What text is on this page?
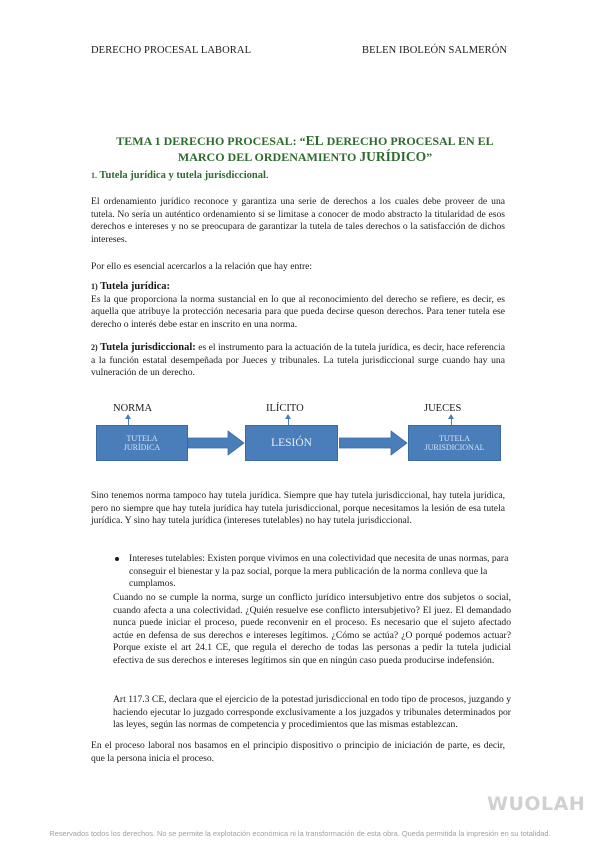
DERECHO PROCESAL LABORAL	BELEN IBOLEÓN SALMERÓN
TEMA 1 DERECHO PROCESAL: “EL DERECHO PROCESAL EN EL MARCO DEL ORDENAMIENTO JURÍDICO”
1. Tutela jurídica y tutela jurisdiccional.
El ordenamiento jurídico reconoce y garantiza una serie de derechos a los cuales debe proveer de una tutela. No sería un auténtico ordenamiento si se limitase a conocer de modo abstracto la titularidad de esos derechos e intereses y no se preocupara de garantizar la tutela de tales derechos o la satisfacción de dichos intereses.
Por ello es esencial acercarlos a la relación que hay entre:
1) Tutela jurídica:
Es la que proporciona la norma sustancial en lo que al reconocimiento del derecho se refiere, es decir, es aquella que atribuye la protección necesaria para que pueda decirse queson derechos. Para tener tutela ese derecho o interés debe estar en inscrito en una norma.
2) Tutela jurisdiccional: es el instrumento para la actuación de la tutela jurídica, es decir, hace referencia a la función estatal desempeñada por Jueces y tribunales. La tutela jurisdiccional surge cuando hay una vulneración de un derecho.
NORMA	ILÍCITO	JUECES
TUTELA
JURÍDICA	LESIÓN	TUTELA
JURISDICIONAL
Sino tenemos norma tampoco hay tutela jurídica. Siempre que hay tutela jurisdiccional, hay tutela jurídica, pero no siempre que hay tutela jurídica hay tutela jurisdiccional, porque necesitamos la lesión de esa tutela jurídica. Y sino hay tutela jurídica (intereses tutelables) no hay tutela jurisdiccional.
Intereses tutelables: Existen porque vivimos en una colectividad que necesita de unas normas, para conseguir el bienestar y la paz social, porque la mera publicación de la norma conlleva que la cumplamos.
Cuando no se cumple la norma, surge un conflicto jurídico intersubjetivo entre dos subjetos o social, cuando afecta a una colectividad. ¿Quién resuelve ese conflicto intersubjetivo? El juez. El demandado nunca puede iniciar el proceso, puede reconvenir en el proceso. Es necesario que el sujeto afectado actúe en defensa de sus derechos e intereses legítimos. ¿Cómo se actúa? ¿O porqué podemos actuar? Porque existe el art 24.1 CE, que regula el derecho de todas las personas a pedir la tutela judicial efectiva de sus derechos e intereses legítimos sin que en ningún caso pueda producirse indefensión.
Art 117.3 CE, declara que el ejercicio de la potestad jurisdiccional en todo tipo de procesos, juzgando y haciendo ejecutar lo juzgado corresponde exclusivamente a los juzgados y tribunales determinados por las leyes, según las normas de competencia y procedimientos que las mismas establezcan.
En el proceso laboral nos basamos en el principio dispositivo o principio de iniciación de parte, es decir, que la persona inicia el proceso.
WUOLAH
Reservados todos los derechos. No se permite la explotación económica ni la transformación de esta obra. Queda permitida la impresión en su totalidad.
